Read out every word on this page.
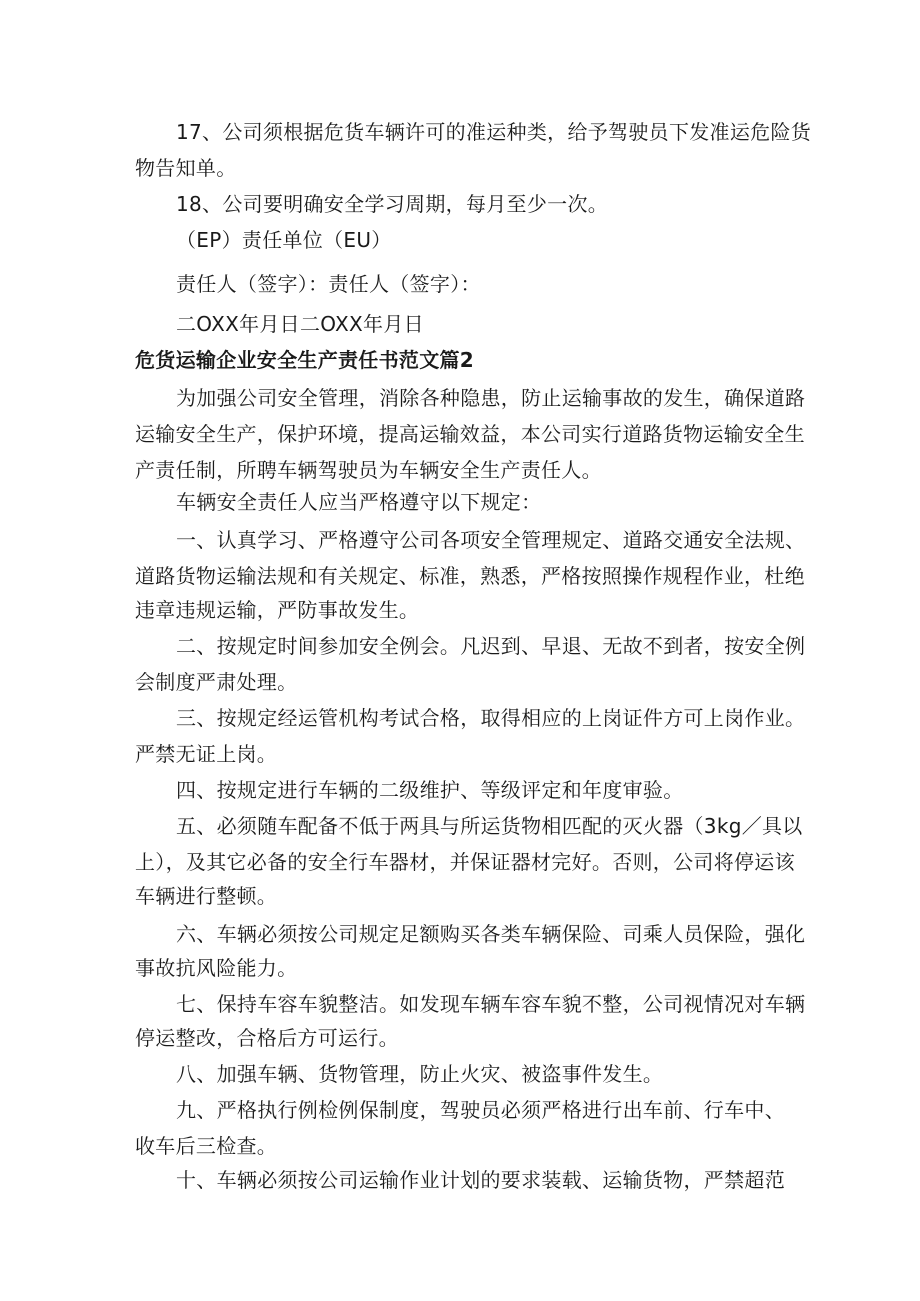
17、公司须根据危货车辆许可的准运种类，给予驾驶员下发准运危险货
物告知单。
18、公司要明确安全学习周期，每月至少一次。
（EP）责任单位（EU）
责任人（签字）：责任人（签字）：
二OXX年月日二OXX年月日
危货运输企业安全生产责任书范文篇2
为加强公司安全管理，消除各种隐患，防止运输事故的发生，确保道路
运输安全生产，保护环境，提高运输效益，本公司实行道路货物运输安全生
产责任制，所聘车辆驾驶员为车辆安全生产责任人。
车辆安全责任人应当严格遵守以下规定：
一、认真学习、严格遵守公司各项安全管理规定、道路交通安全法规、
道路货物运输法规和有关规定、标准，熟悉，严格按照操作规程作业，杜绝
违章违规运输，严防事故发生。
二、按规定时间参加安全例会。凡迟到、早退、无故不到者，按安全例
会制度严肃处理。
三、按规定经运管机构考试合格，取得相应的上岗证件方可上岗作业。
严禁无证上岗。
四、按规定进行车辆的二级维护、等级评定和年度审验。
五、必须随车配备不低于两具与所运货物相匹配的灭火器（3kg／具以
上），及其它必备的安全行车器材，并保证器材完好。否则，公司将停运该
车辆进行整顿。
六、车辆必须按公司规定足额购买各类车辆保险、司乘人员保险，强化
事故抗风险能力。
七、保持车容车貌整洁。如发现车辆车容车貌不整，公司视情况对车辆
停运整改，合格后方可运行。
八、加强车辆、货物管理，防止火灾、被盗事件发生。
九、严格执行例检例保制度，驾驶员必须严格进行出车前、行车中、
收车后三检查。
十、车辆必须按公司运输作业计划的要求装载、运输货物，严禁超范
